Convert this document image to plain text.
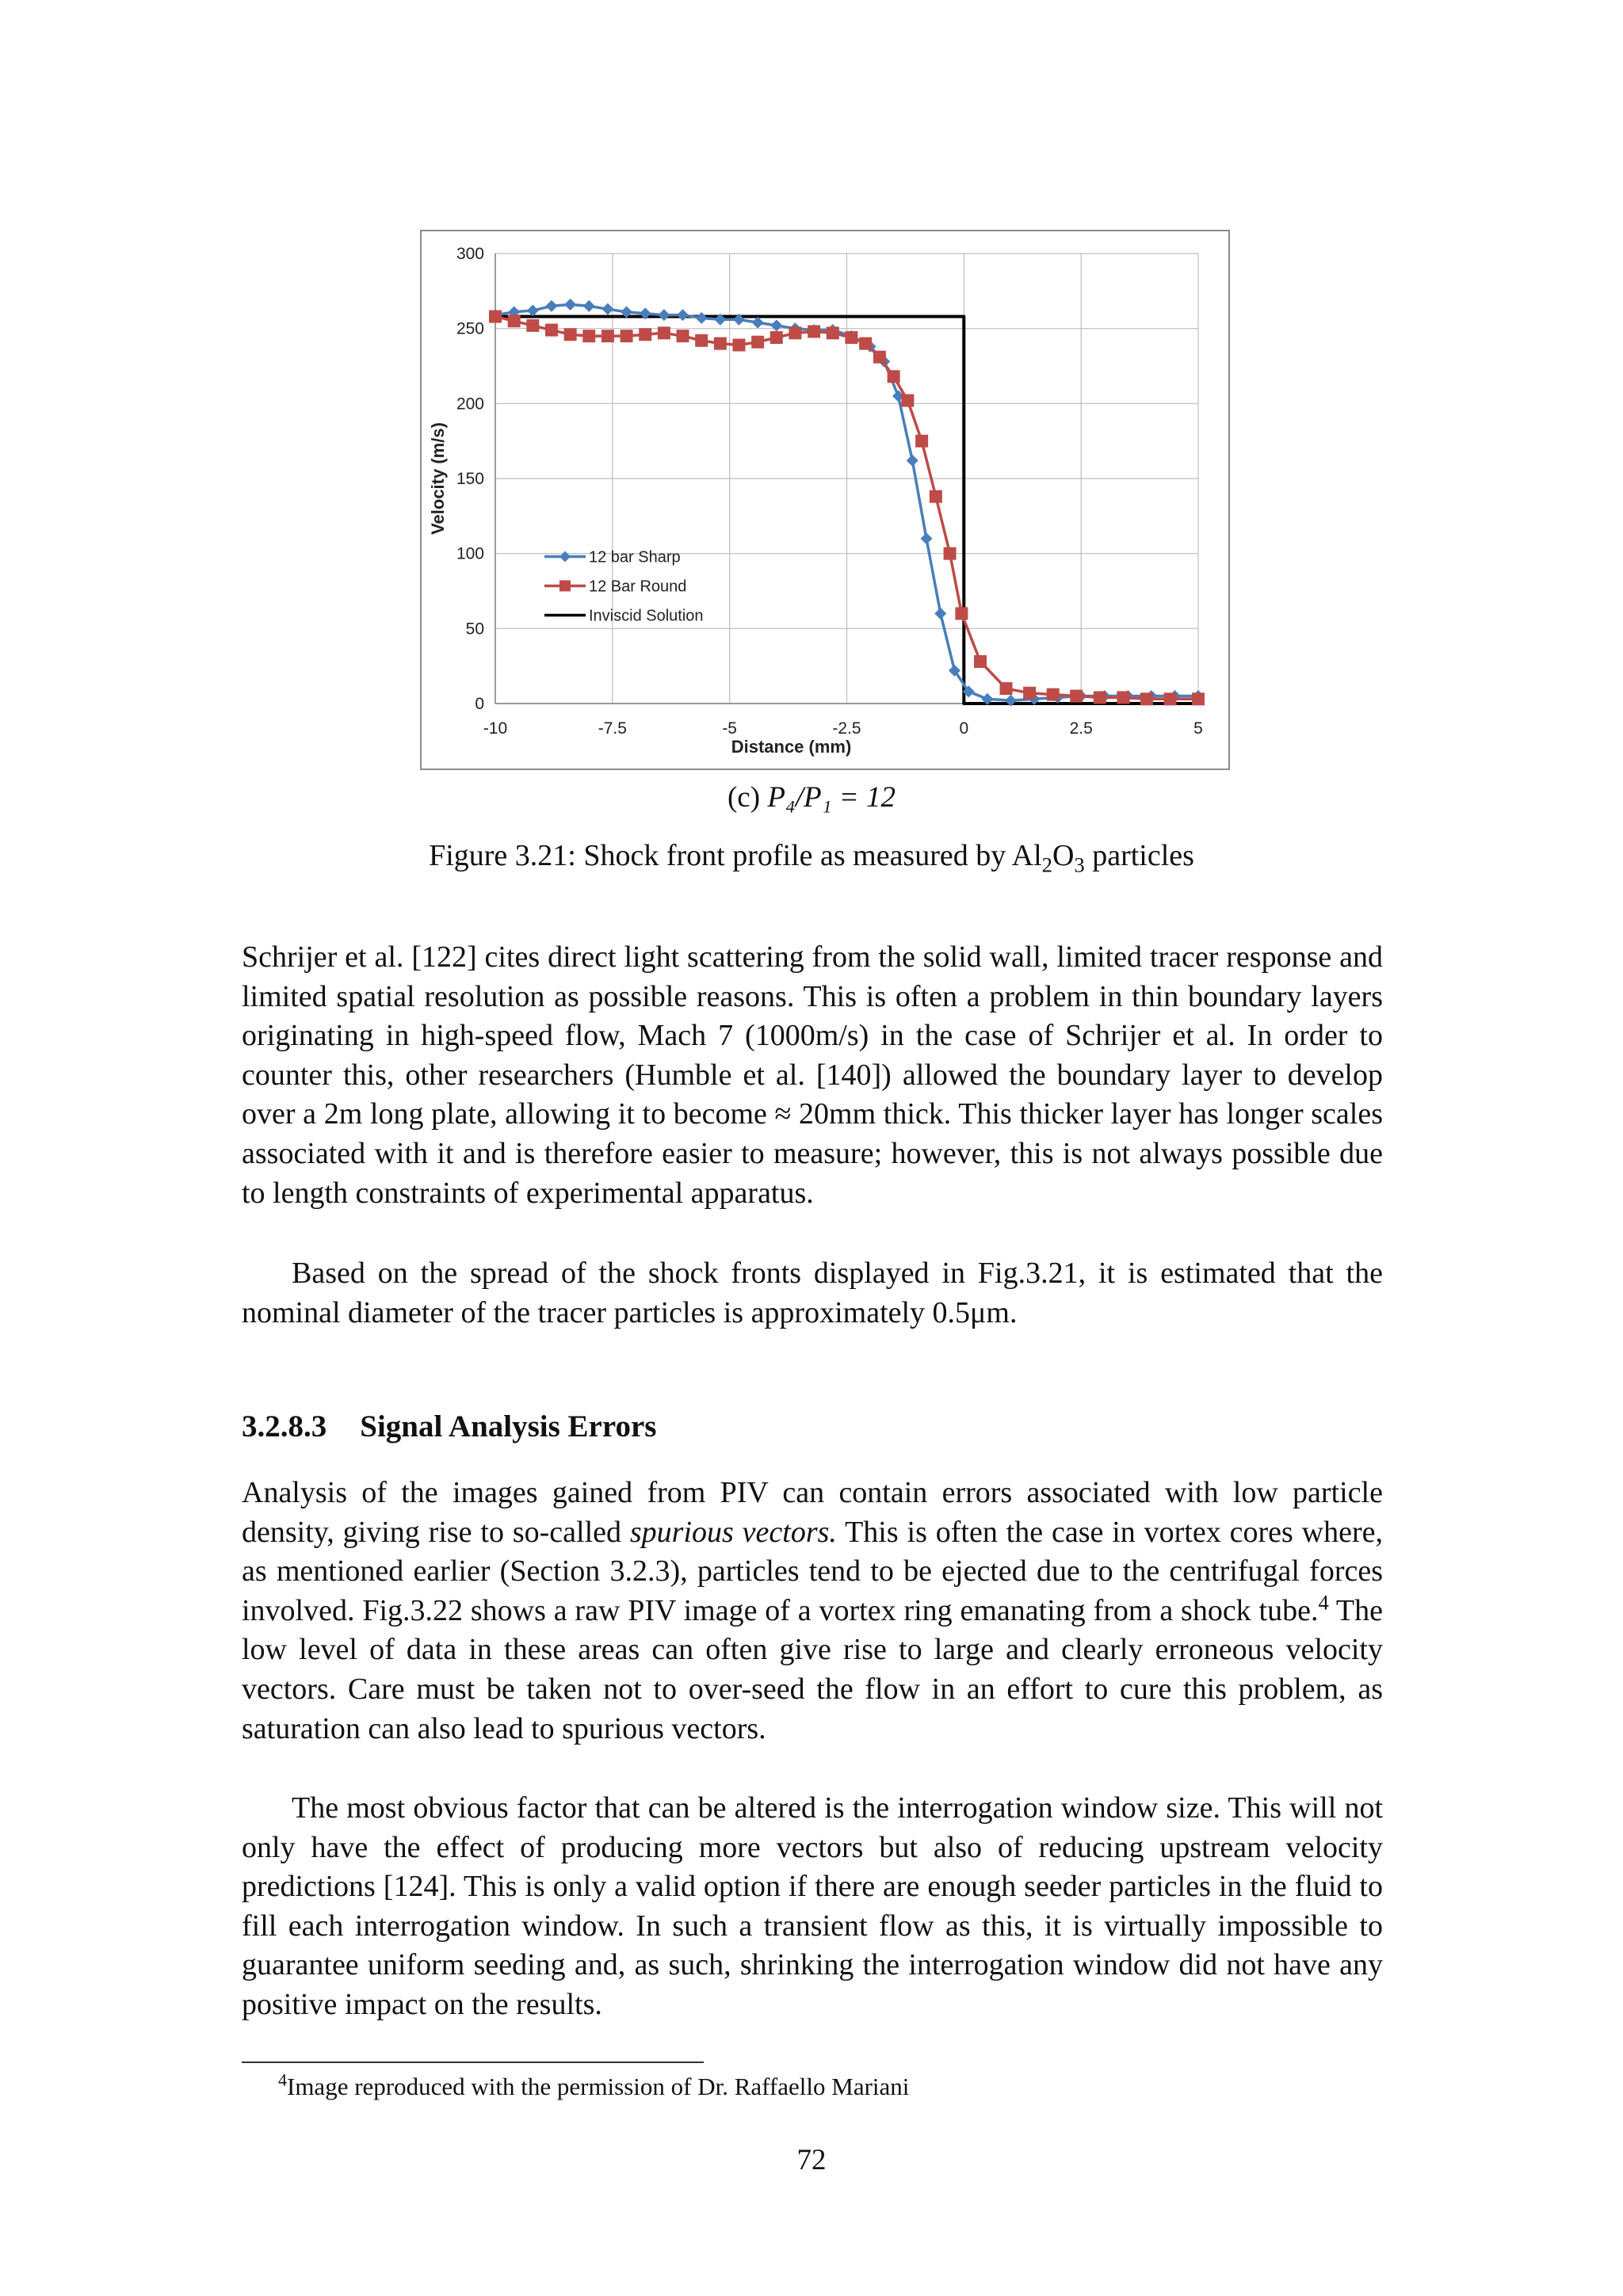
0
50
100
150
200
250
300
-10	-7.5	-5	-2.5	0	2.5	5
Distance (mm)
Velocity (m/s)
12 bar Sharp
12 Bar Round
Inviscid Solution
(c) P₄/P₁ = 12
Figure 3.21: Shock front profile as measured by $Al_2O_3$ particles

Schrijer et al. [122] cites direct light scattering from the solid wall, limited tracer response and limited spatial resolution as possible reasons. This is often a problem in thin boundary layers originating in high-speed flow, Mach 7 (1000m/s) in the case of Schrijer et al. In order to counter this, other researchers (Humble et al. [140]) allowed the boundary layer to develop over a 2m long plate, allowing it to become ≈ 20mm thick. This thicker layer has longer scales associated with it and is therefore easier to measure; however, this is not always possible due to length constraints of experimental apparatus.

Based on the spread of the shock fronts displayed in Fig.3.21, it is estimated that the nominal diameter of the tracer particles is approximately 0.5μm.

3.2.8.3 Signal Analysis Errors

Analysis of the images gained from PIV can contain errors associated with low particle density, giving rise to so-called spurious vectors. This is often the case in vortex cores where, as mentioned earlier (Section 3.2.3), particles tend to be ejected due to the centrifugal forces involved. Fig.3.22 shows a raw PIV image of a vortex ring emanating from a shock tube.$^4$ The low level of data in these areas can often give rise to large and clearly erroneous velocity vectors. Care must be taken not to over-seed the flow in an effort to cure this problem, as saturation can also lead to spurious vectors.

The most obvious factor that can be altered is the interrogation window size. This will not only have the effect of producing more vectors but also of reducing upstream velocity predictions [124]. This is only a valid option if there are enough seeder particles in the fluid to fill each interrogation window. In such a transient flow as this, it is virtually impossible to guarantee uniform seeding and, as such, shrinking the interrogation window did not have any positive impact on the results.

$^4$Image reproduced with the permission of Dr. Raffaello Mariani
72
